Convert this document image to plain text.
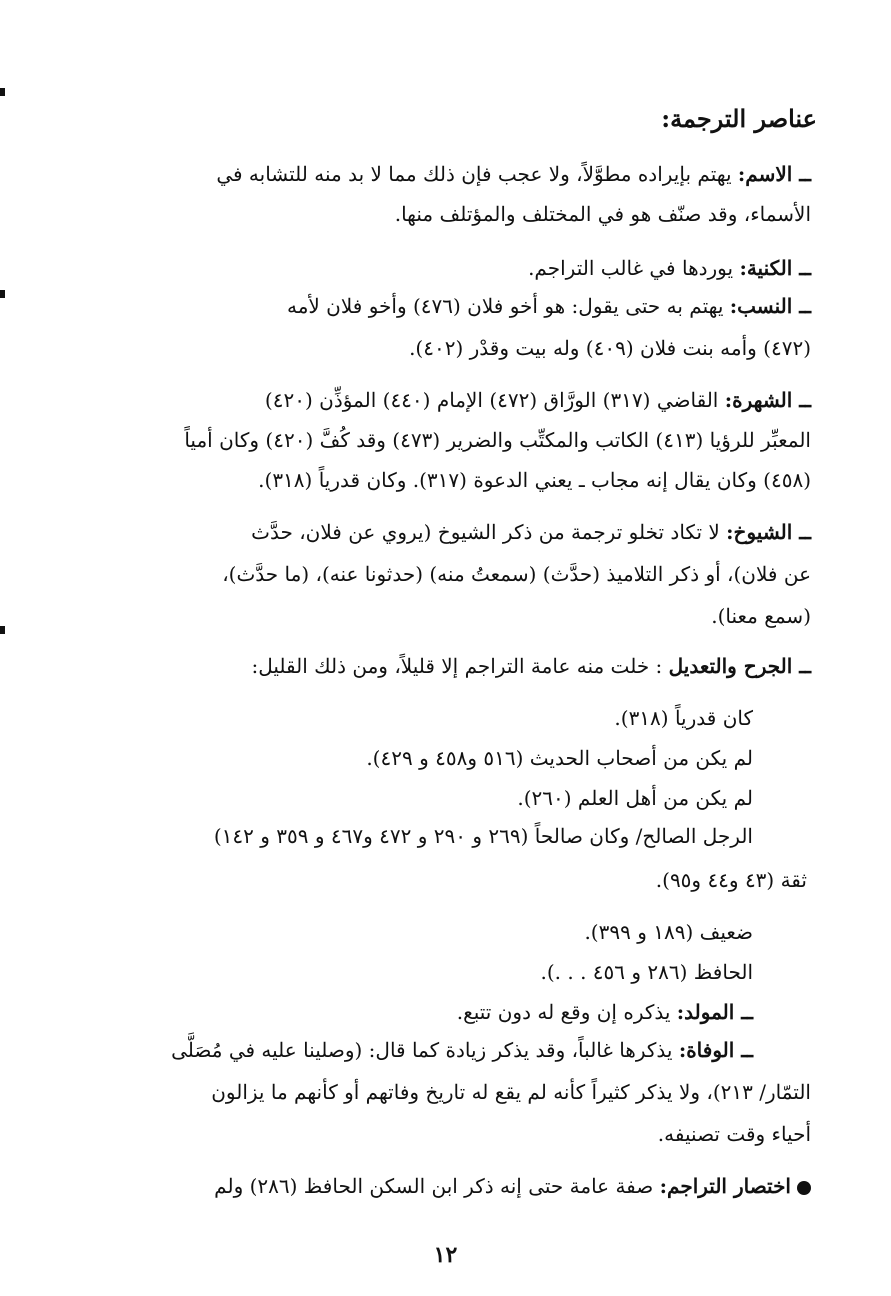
عناصر الترجمة:
ــ الاسم: يهتم بإيراده مطوَّلاً، ولا عجب فإن ذلك مما لا بد منه للتشابه في
الأسماء، وقد صنّف هو في المختلف والمؤتلف منها.
ــ الكنية: يوردها في غالب التراجم.
ــ النسب: يهتم به حتى يقول: هو أخو فلان (٤٧٦) وأخو فلان لأمه
(٤٧٢) وأمه بنت فلان (٤٠٩) وله بيت وقدْر (٤٠٢).
ــ الشهرة: القاضي (٣١٧) الورَّاق (٤٧٢) الإمام (٤٤٠) المؤذِّن (٤٢٠)
المعبِّر للرؤيا (٤١٣) الكاتب والمكتِّب والضرير (٤٧٣) وقد كُفَّ (٤٢٠) وكان أمياً
(٤٥٨) وكان يقال إنه مجاب ـ يعني الدعوة (٣١٧). وكان قدرياً (٣١٨).
ــ الشيوخ: لا تكاد تخلو ترجمة من ذكر الشيوخ (يروي عن فلان، حدَّث
عن فلان)، أو ذكر التلاميذ (حدَّث) (سمعتُ منه) (حدثونا عنه)، (ما حدَّث)،
(سمع معنا).
ــ الجرح والتعديل : خلت منه عامة التراجم إلا قليلاً، ومن ذلك القليل:
كان قدرياً (٣١٨).
لم يكن من أصحاب الحديث (٥١٦ و٤٥٨ و ٤٢٩).
لم يكن من أهل العلم (٢٦٠).
الرجل الصالح/ وكان صالحاً (٢٦٩ و ٢٩٠ و ٤٧٢ و٤٦٧ و ٣٥٩ و ١٤٢)
ثقة (٤٣ و٤٤ و٩٥).
ضعيف (١٨٩ و ٣٩٩).
الحافظ (٢٨٦ و ٤٥٦ . . .).
ــ المولد: يذكره إن وقع له دون تتبع.
ــ الوفاة: يذكرها غالباً، وقد يذكر زيادة كما قال: (وصلينا عليه في مُصَلَّى
التمّار/ ٢١٣)، ولا يذكر كثيراً كأنه لم يقع له تاريخ وفاتهم أو كأنهم ما يزالون
أحياء وقت تصنيفه.
اختصار التراجم: صفة عامة حتى إنه ذكر ابن السكن الحافظ (٢٨٦) ولم
١٢
